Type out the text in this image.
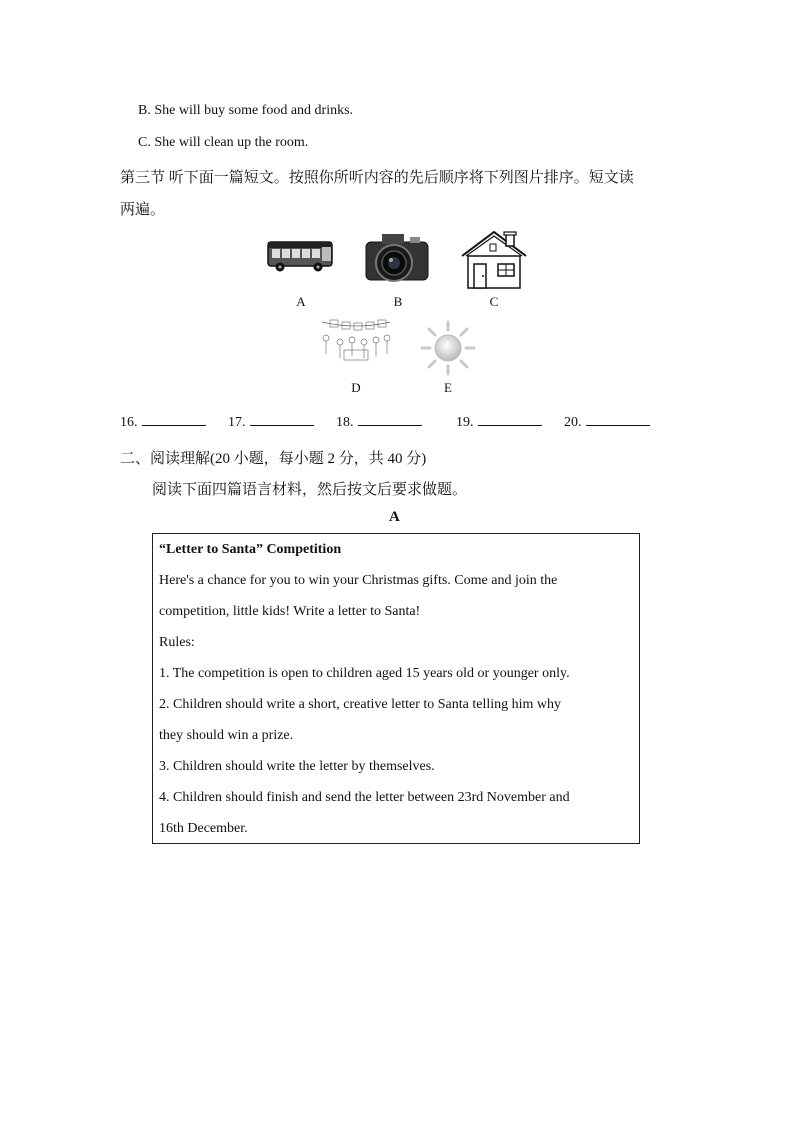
B. She will buy some food and drinks.
C. She will clean up the room.
第三节 听下面一篇短文。按照你所听内容的先后顺序将下列图片排序。短文读
两遍。
A	B	C
D	E
16.	17.	18.	19.	20.
二、阅读理解(20 小题，每小题 2 分，共 40 分)
阅读下面四篇语言材料，然后按文后要求做题。
A
“Letter to Santa” Competition
Here's a chance for you to win your Christmas gifts. Come and join the
competition, little kids! Write a letter to Santa!
Rules:
1. The competition is open to children aged 15 years old or younger only.
2. Children should write a short, creative letter to Santa telling him why
they should win a prize.
3. Children should write the letter by themselves.
4. Children should finish and send the letter between 23rd November and
16th December.
